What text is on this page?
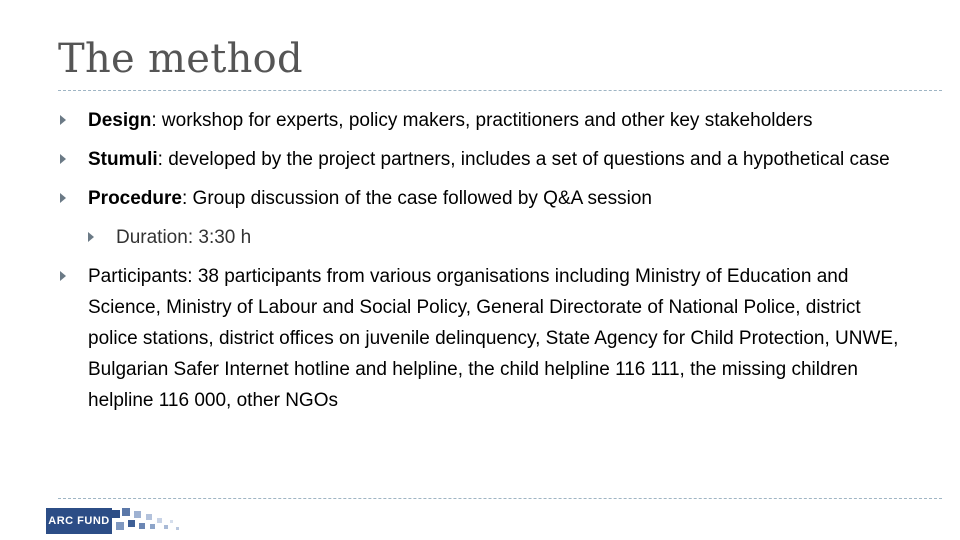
The method
Design: workshop for experts, policy makers, practitioners and other key stakeholders
Stumuli: developed by the project partners, includes a set of questions and a hypothetical case
Procedure: Group discussion of the case followed by Q&A session
Duration: 3:30 h
Participants: 38 participants from various organisations including Ministry of Education and Science, Ministry of Labour and Social Policy, General Directorate of National Police, district police stations, district offices on juvenile delinquency, State Agency for Child Protection, UNWE, Bulgarian Safer Internet hotline and helpline, the child helpline 116 111, the missing children helpline 116 000, other NGOs
ARC FUND
